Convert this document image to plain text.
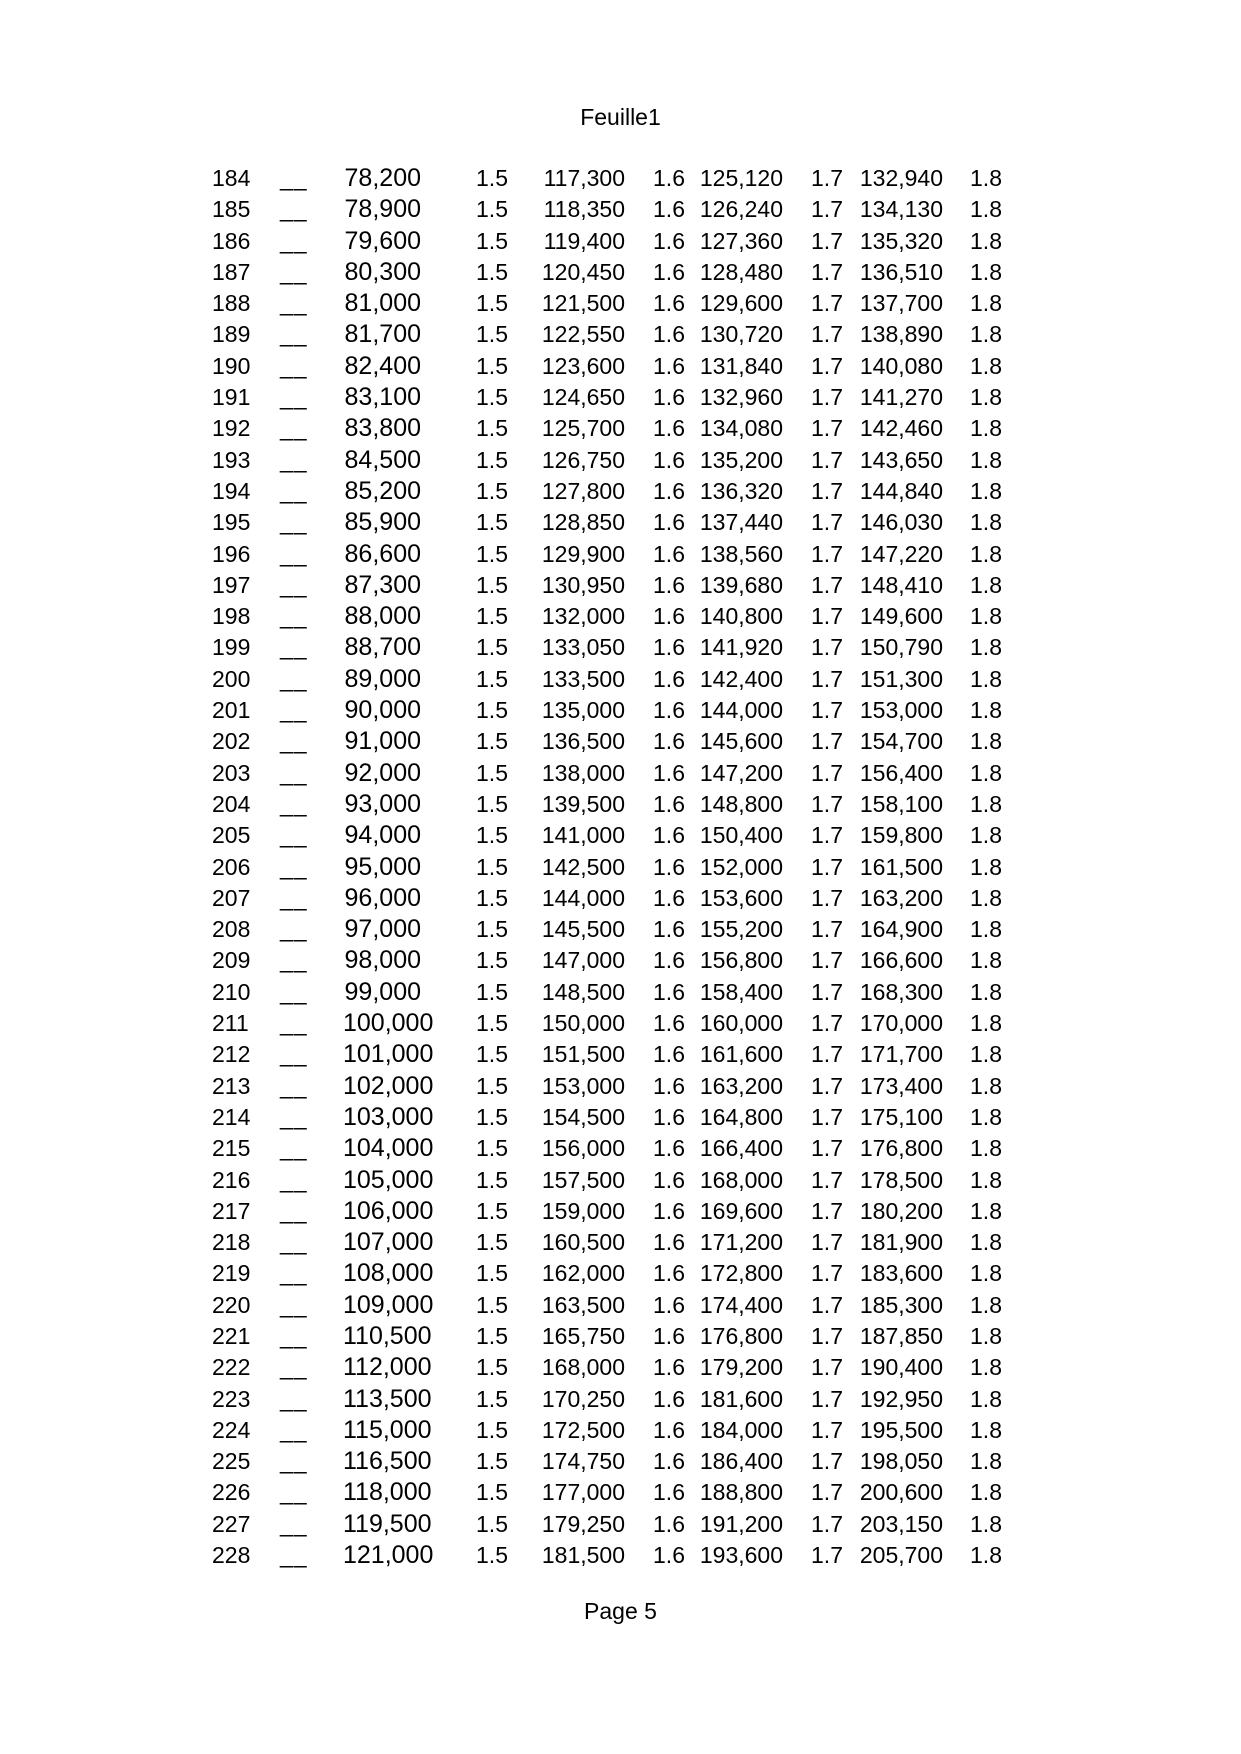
Feuille1
184	__	78,200	1.5	117,300	1.6 125,120	1.7 132,940	1.8
185	__	78,900	1.5	118,350	1.6 126,240	1.7 134,130	1.8
186	__	79,600	1.5	119,400	1.6 127,360	1.7 135,320	1.8
187	__	80,300	1.5	120,450	1.6 128,480	1.7 136,510	1.8
188	__	81,000	1.5	121,500	1.6 129,600	1.7 137,700	1.8
189	__	81,700	1.5	122,550	1.6 130,720	1.7 138,890	1.8
190	__	82,400	1.5	123,600	1.6 131,840	1.7 140,080	1.8
191	__	83,100	1.5	124,650	1.6 132,960	1.7 141,270	1.8
192	__	83,800	1.5	125,700	1.6 134,080	1.7 142,460	1.8
193	__	84,500	1.5	126,750	1.6 135,200	1.7 143,650	1.8
194	__	85,200	1.5	127,800	1.6 136,320	1.7 144,840	1.8
195	__	85,900	1.5	128,850	1.6 137,440	1.7 146,030	1.8
196	__	86,600	1.5	129,900	1.6 138,560	1.7 147,220	1.8
197	__	87,300	1.5	130,950	1.6 139,680	1.7 148,410	1.8
198	__	88,000	1.5	132,000	1.6 140,800	1.7 149,600	1.8
199	__	88,700	1.5	133,050	1.6 141,920	1.7 150,790	1.8
200	__	89,000	1.5	133,500	1.6 142,400	1.7 151,300	1.8
201	__	90,000	1.5	135,000	1.6 144,000	1.7 153,000	1.8
202	__	91,000	1.5	136,500	1.6 145,600	1.7 154,700	1.8
203	__	92,000	1.5	138,000	1.6 147,200	1.7 156,400	1.8
204	__	93,000	1.5	139,500	1.6 148,800	1.7 158,100	1.8
205	__	94,000	1.5	141,000	1.6 150,400	1.7 159,800	1.8
206	__	95,000	1.5	142,500	1.6 152,000	1.7 161,500	1.8
207	__	96,000	1.5	144,000	1.6 153,600	1.7 163,200	1.8
208	__	97,000	1.5	145,500	1.6 155,200	1.7 164,900	1.8
209	__	98,000	1.5	147,000	1.6 156,800	1.7 166,600	1.8
210	__	99,000	1.5	148,500	1.6 158,400	1.7 168,300	1.8
211	__	100,000	1.5	150,000	1.6 160,000	1.7 170,000	1.8
212	__	101,000	1.5	151,500	1.6 161,600	1.7 171,700	1.8
213	__	102,000	1.5	153,000	1.6 163,200	1.7 173,400	1.8
214	__	103,000	1.5	154,500	1.6 164,800	1.7 175,100	1.8
215	__	104,000	1.5	156,000	1.6 166,400	1.7 176,800	1.8
216	__	105,000	1.5	157,500	1.6 168,000	1.7 178,500	1.8
217	__	106,000	1.5	159,000	1.6 169,600	1.7 180,200	1.8
218	__	107,000	1.5	160,500	1.6 171,200	1.7 181,900	1.8
219	__	108,000	1.5	162,000	1.6 172,800	1.7 183,600	1.8
220	__	109,000	1.5	163,500	1.6 174,400	1.7 185,300	1.8
221	__	110,500	1.5	165,750	1.6 176,800	1.7 187,850	1.8
222	__	112,000	1.5	168,000	1.6 179,200	1.7 190,400	1.8
223	__	113,500	1.5	170,250	1.6 181,600	1.7 192,950	1.8
224	__	115,000	1.5	172,500	1.6 184,000	1.7 195,500	1.8
225	__	116,500	1.5	174,750	1.6 186,400	1.7 198,050	1.8
226	__	118,000	1.5	177,000	1.6 188,800	1.7 200,600	1.8
227	__	119,500	1.5	179,250	1.6 191,200	1.7 203,150	1.8
228	__	121,000	1.5	181,500	1.6 193,600	1.7 205,700	1.8
Page 5
